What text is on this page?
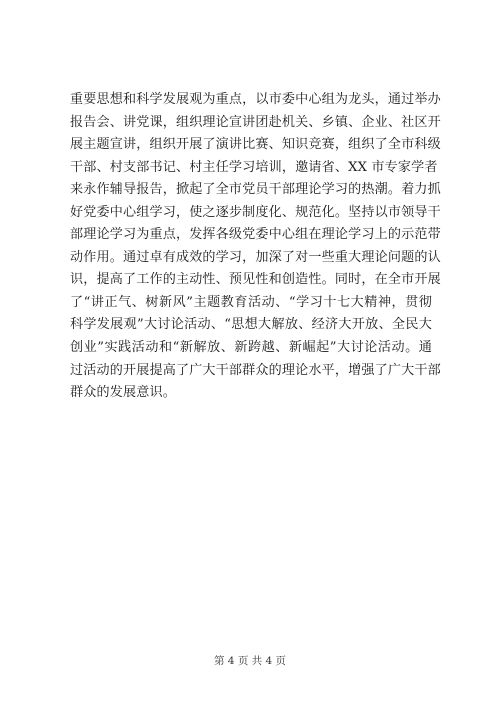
重要思想和科学发展观为重点，以市委中心组为龙头，通过举办
报告会、讲党课，组织理论宣讲团赴机关、乡镇、企业、社区开
展主题宣讲，组织开展了演讲比赛、知识竞赛，组织了全市科级
干部、村支部书记、村主任学习培训，邀请省、XX 市专家学者
来永作辅导报告，掀起了全市党员干部理论学习的热潮。着力抓
好党委中心组学习，使之逐步制度化、规范化。坚持以市领导干
部理论学习为重点，发挥各级党委中心组在理论学习上的示范带
动作用。通过卓有成效的学习，加深了对一些重大理论问题的认
识，提高了工作的主动性、预见性和创造性。同时，在全市开展
了“讲正气、树新风”主题教育活动、“学习十七大精神，贯彻
科学发展观”大讨论活动、“思想大解放、经济大开放、全民大
创业”实践活动和“新解放、新跨越、新崛起”大讨论活动。通
过活动的开展提高了广大干部群众的理论水平，增强了广大干部
群众的发展意识。
第 4 页 共 4 页
